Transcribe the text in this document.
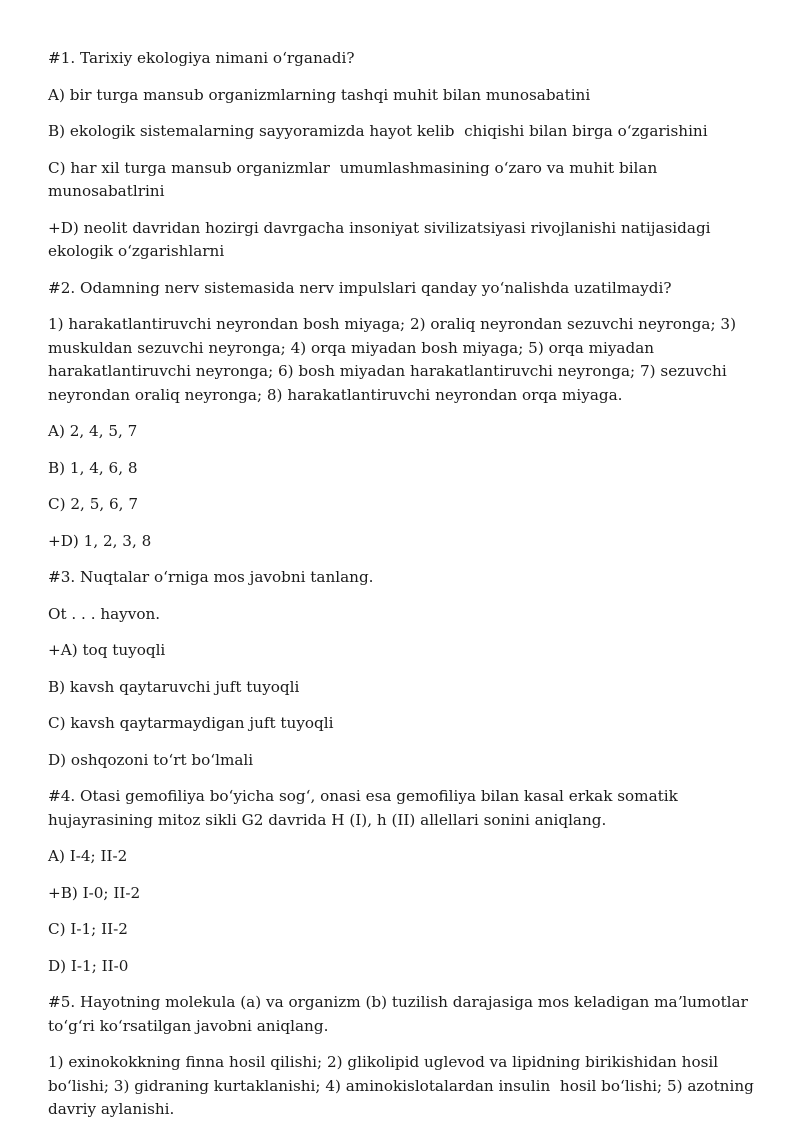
#1. Tarixiy ekologiya nimani oʻrganadi?

A) bir turga mansub organizmlarning tashqi muhit bilan munosabatini

B) ekologik sistemalarning sayyoramizda hayot kelib  chiqishi bilan birga oʻzgarishini

C) har xil turga mansub organizmlar  umumlashmasining oʻzaro va muhit bilan munosabatlrini

+D) neolit davridan hozirgi davrgacha insoniyat sivilizatsiyasi rivojlanishi natijasidagi ekologik oʻzgarishlarni

#2. Odamning nerv sistemasida nerv impulslari qanday yoʻnalishda uzatilmaydi?

1) harakatlantiruvchi neyrondan bosh miyaga; 2) oraliq neyrondan sezuvchi neyronga; 3) muskuldan sezuvchi neyronga; 4) orqa miyadan bosh miyaga; 5) orqa miyadan harakatlantiruvchi neyronga; 6) bosh miyadan harakatlantiruvchi neyronga; 7) sezuvchi neyrondan oraliq neyronga; 8) harakatlantiruvchi neyrondan orqa miyaga.

A) 2, 4, 5, 7

B) 1, 4, 6, 8

C) 2, 5, 6, 7

+D) 1, 2, 3, 8

#3. Nuqtalar oʻrniga mos javobni tanlang.

Ot . . . hayvon.

+A) toq tuyoqli

B) kavsh qaytaruvchi juft tuyoqli

C) kavsh qaytarmaydigan juft tuyoqli

D) oshqozoni toʻrt boʻlmali

#4. Otasi gemofiliya boʻyicha sogʻ, onasi esa gemofiliya bilan kasal erkak somatik hujayrasining mitoz sikli G2 davrida H (I), h (II) allellari sonini aniqlang.

A) I-4; II-2

+B) I-0; II-2

C) I-1; II-2

D) I-1; II-0

#5. Hayotning molekula (a) va organizm (b) tuzilish darajasiga mos keladigan maʼlumotlar toʻgʻri koʻrsatilgan javobni aniqlang.

1) exinokokkning finna hosil qilishi; 2) glikolipid uglevod va lipidning birikishidan hosil boʻlishi; 3) gidraning kurtaklanishi; 4) aminokislotalardan insulin  hosil boʻlishi; 5) azotning davriy aylanishi.
